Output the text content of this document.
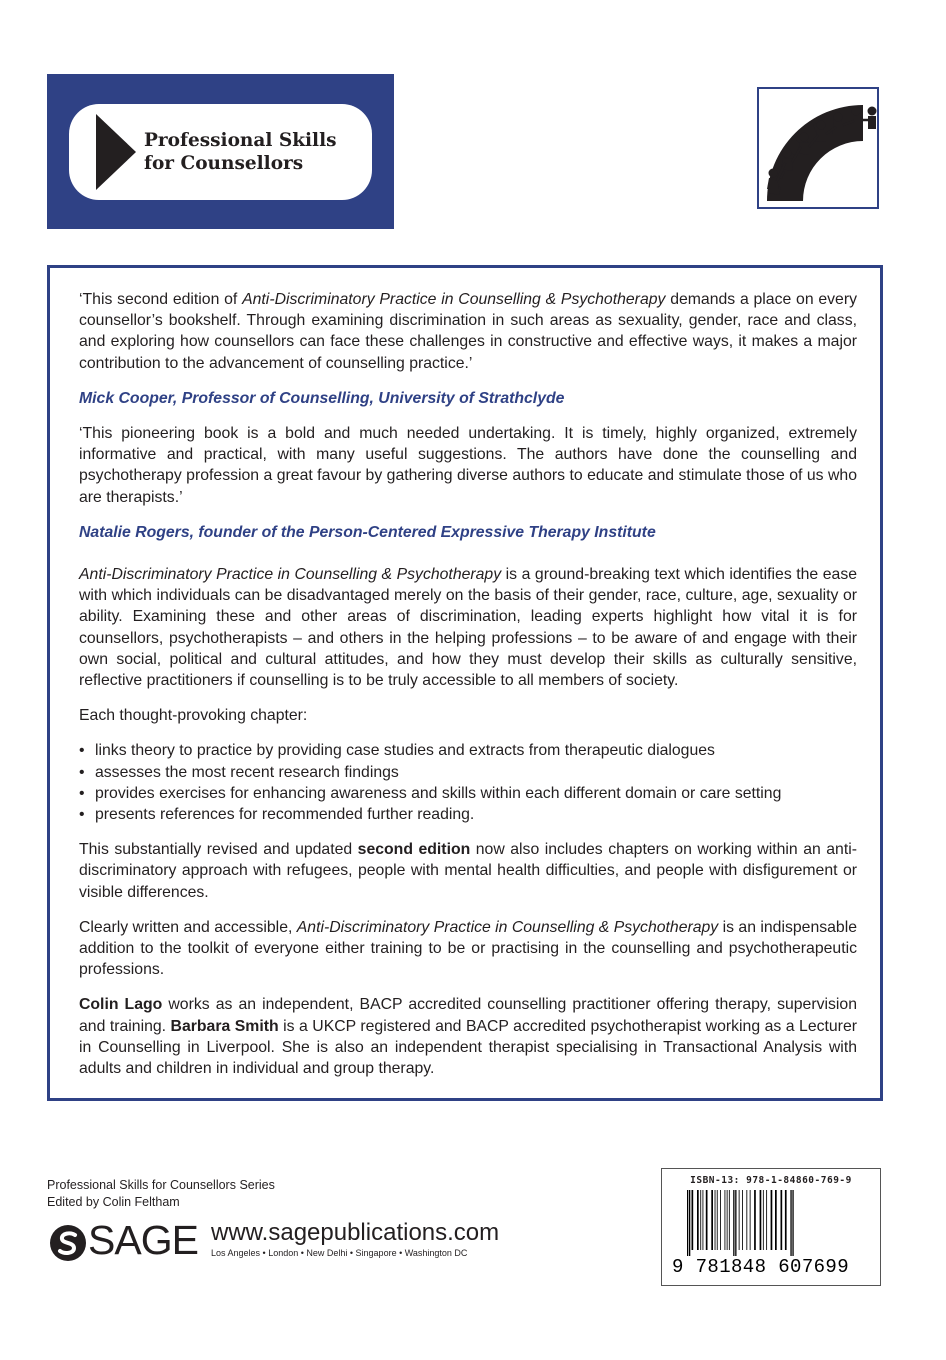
Professional Skills
for Counsellors

‘This second edition of Anti-Discriminatory Practice in Counselling & Psychotherapy demands a place on every counsellor’s bookshelf. Through examining discrimination in such areas as sexuality, gender, race and class, and exploring how counsellors can face these challenges in constructive and effective ways, it makes a major contribution to the advancement of counselling practice.’

Mick Cooper, Professor of Counselling, University of Strathclyde

‘This pioneering book is a bold and much needed undertaking. It is timely, highly organized, extremely informative and practical, with many useful suggestions. The authors have done the counselling and psychotherapy profession a great favour by gathering diverse authors to educate and stimulate those of us who are therapists.’

Natalie Rogers, founder of the Person-Centered Expressive Therapy Institute

Anti-Discriminatory Practice in Counselling & Psychotherapy is a ground-breaking text which identifies the ease with which individuals can be disadvantaged merely on the basis of their gender, race, culture, age, sexuality or ability. Examining these and other areas of discrimination, leading experts highlight how vital it is for counsellors, psychotherapists – and others in the helping professions – to be aware of and engage with their own social, political and cultural attitudes, and how they must develop their skills as culturally sensitive, reflective practitioners if counselling is to be truly accessible to all members of society.

Each thought-provoking chapter:

• links theory to practice by providing case studies and extracts from therapeutic dialogues
• assesses the most recent research findings
• provides exercises for enhancing awareness and skills within each different domain or care setting
• presents references for recommended further reading.

This substantially revised and updated second edition now also includes chapters on working within an anti-discriminatory approach with refugees, people with mental health difficulties, and people with disfigurement or visible differences.

Clearly written and accessible, Anti-Discriminatory Practice in Counselling & Psychotherapy is an indispensable addition to the toolkit of everyone either training to be or practising in the counselling and psychotherapeutic professions.

Colin Lago works as an independent, BACP accredited counselling practitioner offering therapy, supervision and training. Barbara Smith is a UKCP registered and BACP accredited psychotherapist working as a Lecturer in Counselling in Liverpool. She is also an independent therapist specialising in Transactional Analysis with adults and children in individual and group therapy.

Professional Skills for Counsellors Series
Edited by Colin Feltham
SAGE www.sagepublications.com
Los Angeles • London • New Delhi • Singapore • Washington DC
ISBN-13: 978-1-84860-769-9
9 781848 607699
